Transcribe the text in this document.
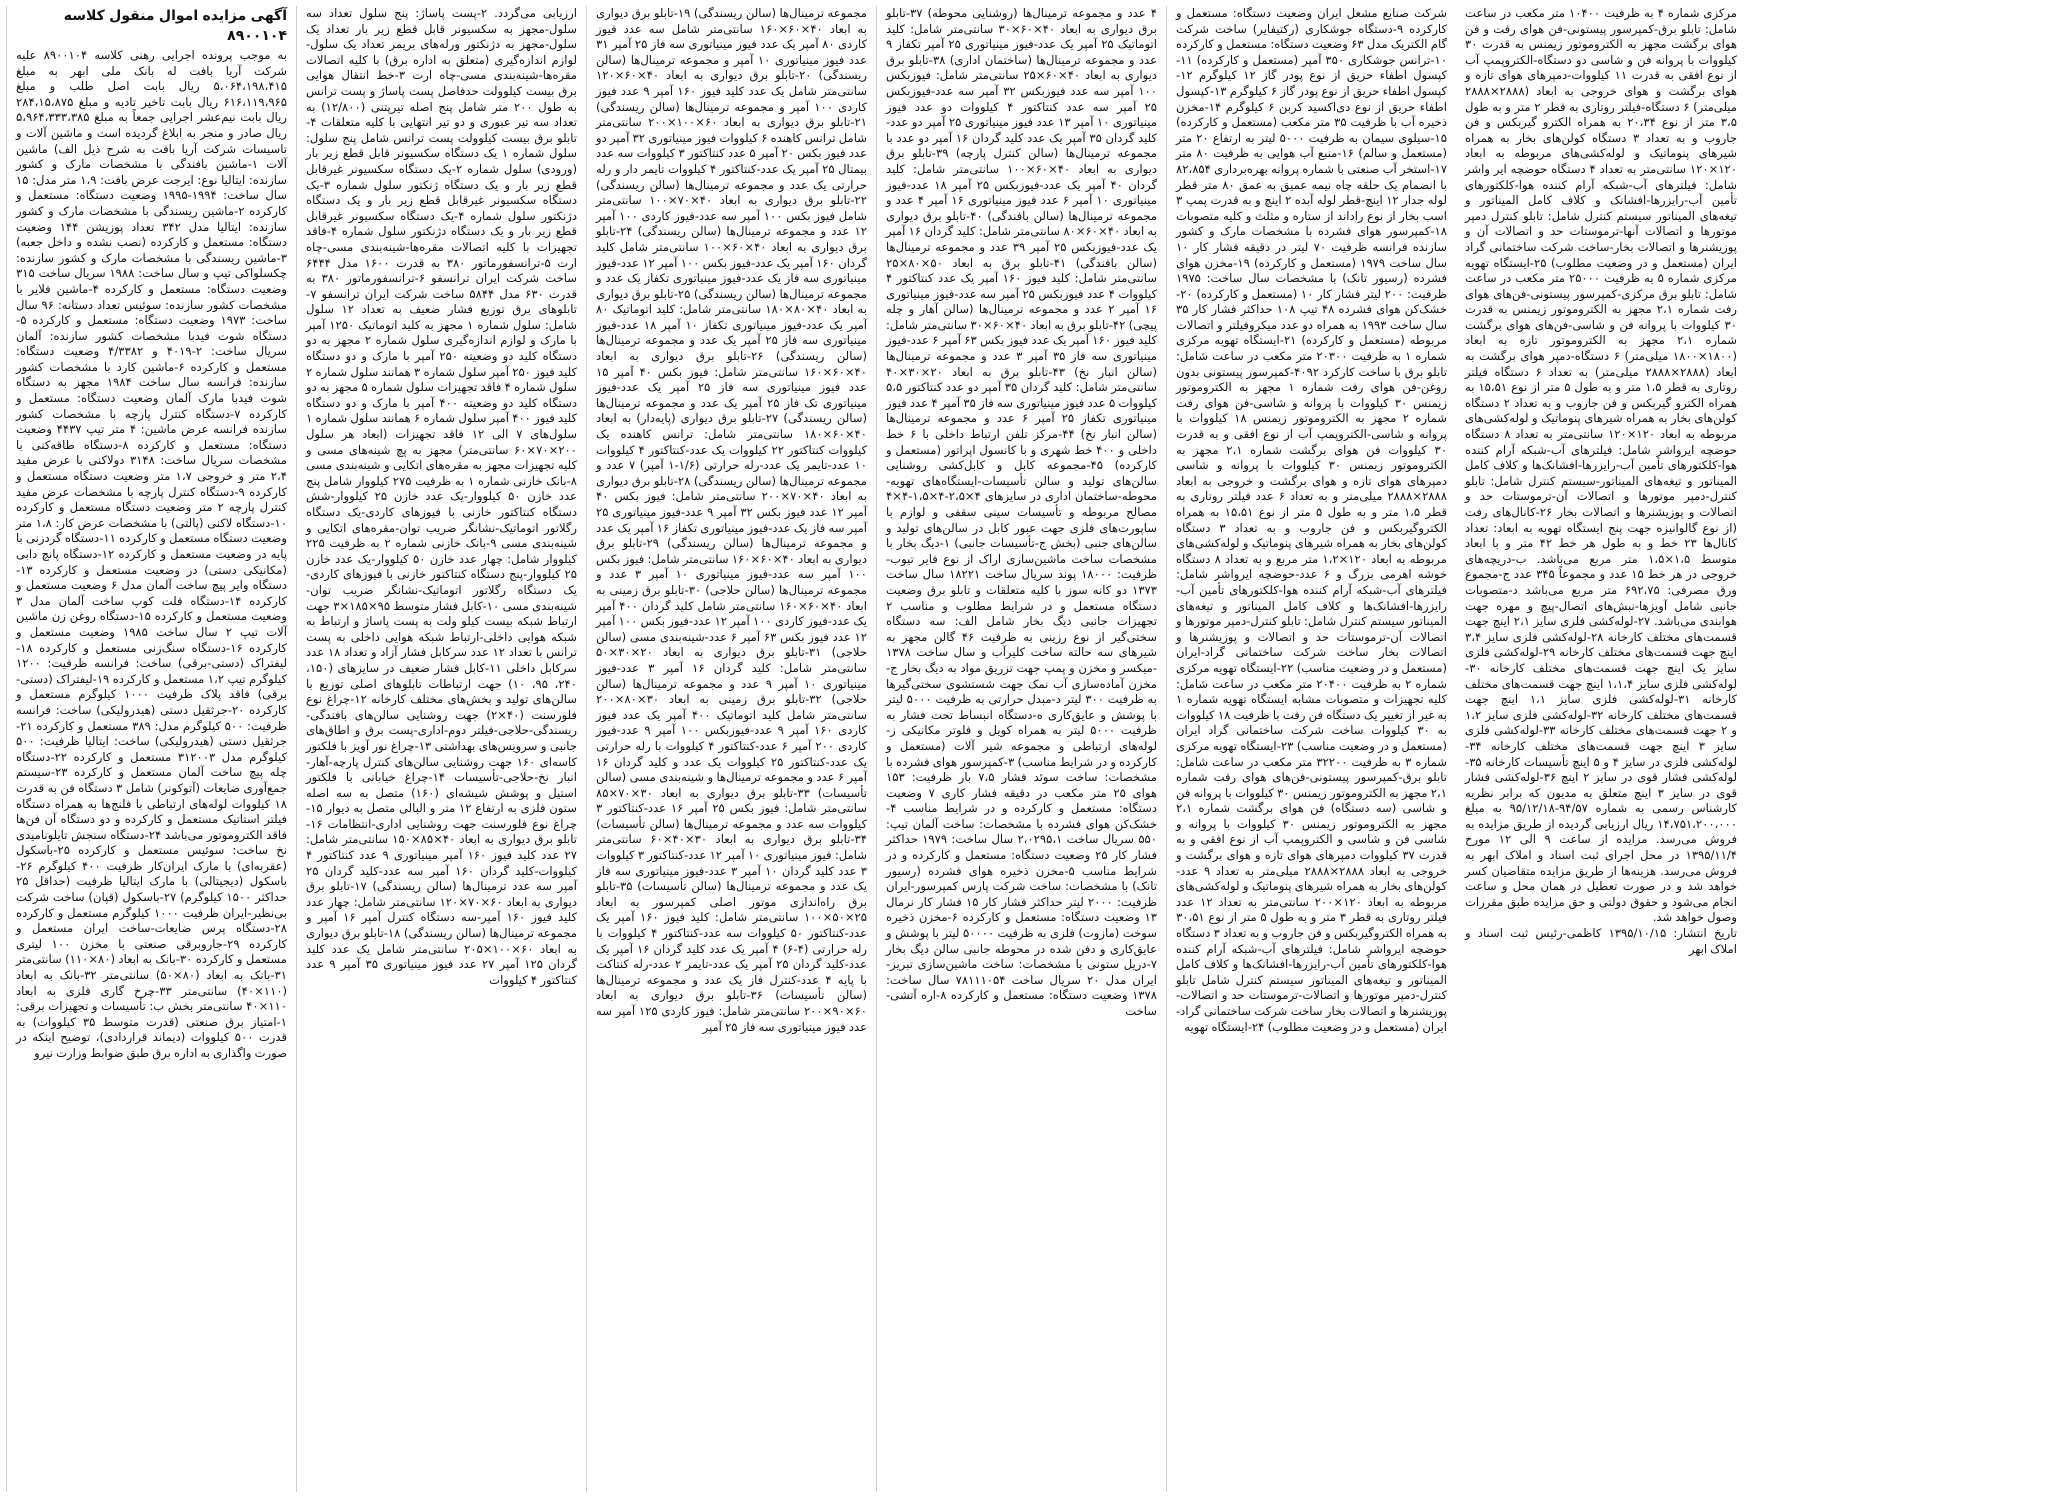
آگهی مزایده اموال منقول کلاسه ۸۹۰۰۱۰۴

به موجب پرونده اجرایی رهنی کلاسه ۸۹۰۰۱۰۴ علیه شرکت آریا بافت له بانک ملی ابهر به مبلغ ۵،۰۶۴،۱۹۸،۴۱۵ ریال بابت اصل طلب و مبلغ ۶۱۶،۱۱۹،۹۶۵ ریال بابت تاخیر تادیه و مبلغ ۲۸۴،۱۵،۸۷۵ ریال بابت نیم‌عشر اجرایی جمعاً به مبلغ ۵،۹۶۴،۳۳۳،۳۸۵ ریال صادر و منجر به ابلاغ گردیده است و ماشین آلات و تاسیسات شرکت آریا بافت به شرح ذیل الف) ماشین آلات ۱-ماشین بافندگی با مشخصات مارک و کشور سازنده: ایتالیا نوع: ایرجت عرض بافت: ۱،۹ متر مدل: ۱۵ سال ساخت: ۱۹۹۴-۱۹۹۵ وضعیت دستگاه: مستعمل و کارکرده ۲-ماشین ریسندگی با مشخصات مارک و کشور سازنده: ایتالیا مدل ۳۴۲ تعداد پوزیشن ۱۴۴ وضعیت دستگاه: مستعمل و کارکرده (نصب نشده و داخل جعبه) ۳-ماشین ریسندگی با مشخصات مارک و کشور سازنده: چکسلواکی تیپ و سال ساخت: ۱۹۸۸ سریال ساخت ۳۱۵ وضعیت دستگاه: مستعمل و کارکرده ۴-ماشین فلایر با مشخصات کشور سازنده: سوئیس تعداد دستانه: ۹۶ سال ساخت: ۱۹۷۳ وضعیت دستگاه: مستعمل و کارکرده ۵-دستگاه شوت فیدبا مشخصات کشور سازنده: آلمان سریال ساخت: ۲-۴۰۱۹ و ۴/۳۳۸۲ وضعیت دستگاه: مستعمل و کارکرده ۶-ماشین کارد با مشخصات کشور سازنده: فرانسه سال ساخت ۱۹۸۴ مجهز به دستگاه شوت فیدبا مارک آلمان وضعیت دستگاه: مستعمل و کارکرده ۷-دستگاه کنترل پارچه با مشخصات کشور سازنده فرانسه عرض ماشین: ۴ متر تیپ ۴۴۳۷ وضعیت دستگاه: مستعمل و کارکرده ۸-دستگاه طاقه‌کنی با مشخصات سریال ساخت: ۳۱۴۸ دولاکنی با عرض مفید ۲،۴ متر و خروجی ۱،۷ متر وضعیت دستگاه مستعمل و کارکرده ۹-دستگاه کنترل پارچه با مشخصات عرض مفید کنترل پارچه ۲ متر وضعیت دستگاه مستعمل و کارکرده ۱۰-دستگاه لاکنی (پالتی) با مشخصات عرض کار: ۱،۸ متر وضعیت دستگاه مستعمل و کارکرده ۱۱-دستگاه گردزنی با پایه در وضعیت مستعمل و کارکرده ۱۲-دستگاه پانچ دابی (مکانیکی دستی) در وضعیت مستعمل و کارکرده ۱۳-دستگاه وایر پیچ ساخت آلمان مدل ۶ وضعیت مستعمل و کارکرده ۱۴-دستگاه فلت کوپ ساخت آلمان مدل ۳ وضعیت مستعمل و کارکرده ۱۵-دستگاه روغن زن ماشین آلات تیپ ۲ سال ساخت ۱۹۸۵ وضعیت مستعمل و کارکرده ۱۶-دستگاه سنگ‌زنی مستعمل و کارکرده ۱۸-لیفتراک (دستی-برقی) ساخت: فرانسه ظرفیت: ۱۲۰۰ کیلوگرم تیپ ۱،۲ مستعمل و کارکرده ۱۹-لیفتراک (دستی-برقی) فاقد پلاک ظرفیت ۱۰۰۰ کیلوگرم مستعمل و کارکرده ۲۰-جرثقیل دستی (هیدرولیکی) ساخت: فرانسه ظرفیت: ۵۰۰ کیلوگرم مدل: ۳۸۹ مستعمل و کارکرده ۲۱-جرثقیل دستی (هیدرولیکی) ساخت: ایتالیا ظرفیت: ۵۰۰ کیلوگرم مدل ۳۱۲۰۰۳ مستعمل و کارکرده ۲۲-دستگاه چله پیچ ساخت آلمان مستعمل و کارکرده ۲۳-سیستم جمع‌آوری ضایعات (آتوکونر) شامل ۳ دستگاه فن به قدرت ۱۸ کیلووات لوله‌های ارتباطی با فلنج‌ها به همراه دستگاه فیلتر استاتیک مستعمل و کارکرده و دو دستگاه آن فن‌ها فاقد الکتروموتور می‌باشد ۲۴-دستگاه سنجش تایلونامیدی نخ ساخت: سوئیس مستعمل و کارکرده ۲۵-باسکول (عقربه‌ای) با مارک ایران‌کار ظرفیت ۴۰۰ کیلوگرم ۲۶-باسکول (دیجیتالی) با مارک ایتالیا ظرفیت (حداقل ۲۵ حداکثر ۱۵۰۰ کیلوگرم) ۲۷-باسکول (قپان) ساخت شرکت بی‌نظیر-ایران ظرفیت ۱۰۰۰ کیلوگرم مستعمل و کارکرده ۲۸-دستگاه پرس ضایعات-ساخت ایران مستعمل و کارکرده ۲۹-جاروبرقی صنعتی با مخزن ۱۰۰ لیتری مستعمل و کارکرده ۳۰-بانک به ابعاد (۸۰×۱۱۰) سانتی‌متر ۳۱-بانک به ابعاد (۸۰×۵۰) سانتی‌متر ۳۲-بانک به ابعاد (۱۱۰×۴۰) سانتی‌متر ۳۳-چرخ گاری فلزی به ابعاد ۱۱۰×۴۰ سانتی‌متر بخش ب: تأسیسات و تجهیزات برقی: ۱-امتیاز برق صنعتی (قدرت متوسط ۳۵ کیلووات) به قدرت ۵۰۰ کیلووات (دیماند قراردادی)، توضیح اینکه در صورت واگذاری به اداره برق طبق ضوابط وزارت نیرو

ارزیابی می‌گردد. ۲-پست پاساژ: پنج سلول تعداد سه سلول-مجهز به سکسیونر قابل قطع زیر بار تعداد یک سلول-مجهز به دژنکتور ورله‌های بریمر تعداد یک سلول-لوازم اندازه‌گیری (متعلق به اداره برق) با کلیه اتصالات مقره‌ها-شینه‌بندی مسی-چاه ارت ۳-خط انتقال هوایی برق بیست کیلوولت حدفاصل پست پاساژ و پست ترانس به طول ۲۰۰ متر شامل پنج اصله تیرپتنی (۱۲/۸۰۰) به تعداد سه تیر عبوری و دو تیر انتهایی با کلیه متعلقات ۴-تابلو برق بیست کیلوولت پست ترانس شامل پنج سلول: سلول شماره ۱ یک دستگاه سکسیونر قابل قطع زیر بار (ورودی) سلول شماره ۲-یک دستگاه سکسیونر غیرقابل قطع زیر بار و یک دستگاه ژنکتور سلول شماره ۳-یک دستگاه سکسیونر غیرقابل قطع زیر بار و یک دستگاه دژنکتور سلول شماره ۴-یک دستگاه سکسیونر غیرقابل قطع زیر بار و یک دستگاه دژنکتور سلول شماره ۴-فاقد تجهیزات با کلیه اتصالات مقره‌ها-شینه‌بندی مسی-چاه ارت ۵-ترانسفورماتور ۳۸۰ به قدرت ۱۶۰۰ مدل ۶۴۴۴ ساخت شرکت ایران ترانسفو ۶-ترانسفورماتور ۳۸۰ به قدرت ۶۳۰ مدل ۵۸۴۴ ساخت شرکت ایران ترانسفو ۷-تابلوهای برق توزیع فشار ضعیف به تعداد ۱۲ سلول شامل: سلول شماره ۱ مجهز به کلید اتوماتیک ۱۲۵۰ آمپر با مارک و لوازم اندازه‌گیری سلول شماره ۲ مجهز به دو دستگاه کلید دو وضعیته ۲۵۰ آمپر با مارک و دو دستگاه کلید فیوز ۲۵۰ آمپر سلول شماره ۳ همانند سلول شماره ۲ سلول شماره ۴ فاقد تجهیزات سلول شماره ۵ مجهز به دو دستگاه کلید دو وضعیته ۴۰۰ آمپر با مارک و دو دستگاه کلید فیوز ۴۰۰ آمپر سلول شماره ۶ همانند سلول شماره ۱ سلول‌های ۷ الی ۱۲ فاقد تجهیزات (ابعاد هر سلول ۲۰۰×۷۰×۶۰ سانتی‌متر) مجهز به پچ شینه‌های مسی و کلیه تجهیزات مجهز به مقره‌های اتکایی و شینه‌بندی مسی ۸-بانک خازنی شماره ۱ به ظرفیت ۲۷۵ کیلووار شامل پنج عدد خازن ۵۰ کیلووار-یک عدد خازن ۲۵ کیلووار-شش دستگاه کنتاکتور خازنی با فیوزهای کاردی-یک دستگاه رگلاتور اتوماتیک-نشانگر ضریب توان-مقره‌های اتکایی و شینه‌بندی مسی ۹-بانک خازنی شماره ۲ به ظرفیت ۲۲۵ کیلووار شامل: چهار عدد خازن ۵۰ کیلووار-یک عدد خازن ۲۵ کیلووار-پنج دستگاه کنتاکتور خازنی با فیوزهای کاردی-یک دستگاه رگلاتور اتوماتیک-نشانگر ضریب توان-شینه‌بندی مسی ۱۰-کابل فشار متوسط ۹۵×۱۸۵×۳ جهت ارتباط شبکه بیست کیلو ولت به پست پاساژ و ارتباط به شبکه هوایی داخلی-ارتباط شبکه هوایی داخلی به پست ترانس با تعداد ۱۲ عدد سرکابل فشار آزاد و تعداد ۱۸ عدد سرکابل داخلی ۱۱-کابل فشار ضعیف در سایزهای (۱۵۰، ۲۴۰، ۹۵، ۱۰) جهت ارتباطات تابلوهای اصلی توزیع با سالن‌های تولید و بخش‌های مختلف کارخانه ۱۲-چراغ نوع فلورسنت (۴۰×۲) جهت روشنایی سالن‌های بافندگی-ریسندگی-حلاجی-فیلتر دوم-اداری-پست برق و اطاق‌های جانبی و سرویس‌های بهداشتی ۱۳-چراغ نور آویز با فلکتور کاسه‌ای ۱۶۰ جهت روشنایی سالن‌های کنترل پارچه-آهار-انبار نخ-حلاجی-تأسیسات ۱۴-چراغ خیابانی با فلکتور استیل و پوشش شیشه‌ای (۱۶۰) متصل به سه اصله ستون فلزی به ارتفاع ۱۲ متر و البالی متصل به دیوار ۱۵-چراغ نوع فلورسنت جهت روشنایی اداری-انتظامات ۱۶-تابلو برق دیواری به ابعاد ۴۰×۸۵×۱۵۰ سانتی‌متر شامل: ۲۷ عدد کلید فیوز ۱۶۰ آمپر مینیاتوری ۹ عدد کنتاکتور ۴ کیلووات-کلید گردان ۱۶۰ آمپر سه عدد-کلید گردان ۲۵ آمپر سه عدد ترمینال‌ها (سالن ریسندگی) ۱۷-تابلو برق دیواری به ابعاد ۶۰×۷۰×۱۲۰ سانتی‌متر شامل: چهار عدد کلید فیوز ۱۶۰ آمپر-سه دستگاه کنترل آمپر ۱۶ آمپر و مجموعه ترمینال‌ها (سالن ریسندگی) ۱۸-تابلو برق دیواری به ابعاد ۶۰×۱۰۰×۲۰۵ سانتی‌متر شامل یک عدد کلید گردان ۱۲۵ آمپر ۲۷ عدد فیوز مینیاتوری ۳۵ آمپر ۹ عدد کنتاکتور ۴ کیلووات

مجموعه ترمینال‌ها (سالن ریسندگی) ۱۹-تابلو برق دیواری به ابعاد ۴۰×۶۰×۱۶۰ سانتی‌متر شامل سه عدد فیوز کاردی ۸۰ آمپر یک عدد فیوز مینیاتوری سه فاز ۲۵ آمپر ۳۱ عدد فیوز مینیاتوری ۱۰ آمپر و مجموعه ترمینال‌ها (سالن ریسندگی) ۲۰-تابلو برق دیواری به ابعاد ۴۰×۶۰×۱۲۰ سانتی‌متر شامل یک عدد کلید فیوز ۱۶۰ آمپر ۹ عدد فیوز کاردی ۱۰۰ آمپر و مجموعه ترمینال‌ها (سالن ریسندگی) ۲۱-تابلو برق دیواری به ابعاد ۶۰×۱۰۰×۲۰۰ سانتی‌متر شامل ترانس کاهنده ۶ کیلووات فیوز مینیاتوری ۳۲ آمپر دو عدد فیوز بکس ۲۰ آمپر ۵ عدد کنتاکتور ۳ کیلووات سه عدد بیمتال ۲۵ آمپر یک عدد-کنتاکتور ۴ کیلووات تایمر دار و رله حرارتی یک عدد و مجموعه ترمینال‌ها (سالن ریسندگی) ۲۲-تابلو برق دیواری به ابعاد ۴۰×۷۰×۱۰۰ سانتی‌متر شامل فیوز بکس ۱۰۰ آمپر سه عدد-فیوز کاردی ۱۰۰ آمپر ۱۲ عدد و مجموعه ترمینال‌ها (سالن ریسندگی) ۲۴-تابلو برق دیواری به ابعاد ۴۰×۶۰×۱۰۰ سانتی‌متر شامل کلید گردان ۱۶۰ آمپر یک عدد-فیوز بکس ۱۰۰ آمپر ۱۲ عدد-فیوز مینیاتوری سه فاز یک عدد-فیوز مینیاتوری تکفاز یک عدد و مجموعه ترمینال‌ها (سالن ریسندگی) ۲۵-تابلو برق دیواری به ابعاد ۴۰×۸۰×۱۸۰ سانتی‌متر شامل: کلید اتوماتیک ۸۰ آمپر یک عدد-فیوز مینیاتوری تکفاز ۱۰ آمپر ۱۸ عدد-فیوز مینیاتوری سه فاز ۲۵ آمپر یک عدد و مجموعه ترمینال‌ها (سالن ریسندگی) ۲۶-تابلو برق دیواری به ابعاد ۴۰×۶۰×۱۶۰ سانتی‌متر شامل: فیوز بکس ۴۰ آمپر ۱۵ عدد فیوز مینیاتوری سه فاز ۲۵ آمپر یک عدد-فیوز مینیاتوری تک فاز ۲۵ آمپر یک عدد و مجموعه ترمینال‌ها (سالن ریسندگی) ۲۷-تابلو برق دیواری (پایه‌دار) به ابعاد ۴۰×۶۰×۱۸۰ سانتی‌متر شامل: ترانس کاهنده یک کیلووات کنتاکتور ۲۲ کیلووات یک عدد-کنتاکتور ۴ کیلووات ۱۰ عدد-تایمر یک عدد-رله حرارتی (۱/۶-۱ آمپر) ۷ عدد و مجموعه ترمینال‌ها (سالن ریسندگی) ۲۸-تابلو برق دیواری به ابعاد ۴۰×۷۰×۲۰۰ سانتی‌متر شامل: فیوز بکس ۴۰ آمپر ۱۲ عدد فیوز بکس ۳۲ آمپر ۹ عدد-فیوز مینیاتوری ۲۵ آمپر سه فاز یک عدد-فیوز مینیاتوری تکفاز ۱۶ آمپر یک عدد و مجموعه ترمینال‌ها (سالن ریسندگی) ۲۹-تابلو برق دیواری به ابعاد ۴۰×۶۰×۱۶۰ سانتی‌متر شامل: فیوز بکس ۱۰۰ آمپر سه عدد-فیوز مینیاتوری ۱۰ آمپر ۳ عدد و مجموعه ترمینال‌ها (سالن حلاجی) ۳۰-تابلو برق زمینی به ابعاد ۴۰×۶۰×۱۶۰ سانتی‌متر شامل کلید گردان ۴۰۰ آمپر یک عدد-فیوز کاردی ۱۰۰ آمپر ۱۲ عدد-فیوز بکس ۱۰۰ آمپر ۱۲ عدد فیوز بکس ۶۳ آمپر ۶ عدد-شینه‌بندی مسی (سالن حلاجی) ۳۱-تابلو برق دیواری به ابعاد ۲۰×۳۰×۵۰ سانتی‌متر شامل: کلید گردان ۱۶ آمپر ۳ عدد-فیوز مینیاتوری ۱۰ آمپر ۹ عدد و مجموعه ترمینال‌ها (سالن حلاجی) ۳۲-تابلو برق زمینی به ابعاد ۳۰×۸۰×۲۰۰ سانتی‌متر شامل کلید اتوماتیک ۴۰۰ آمپر یک عدد فیوز کاردی ۱۶۰ آمپر ۹ عدد-فیوزبکس ۱۰۰ آمپر ۹ عدد-فیوز کاردی ۲۰۰ آمپر ۶ عدد-کنتاکتور ۴ کیلووات با رله حرارتی یک عدد-کنتاکتور ۲۵ کیلووات یک عدد و کلید گردان ۱۶ آمپر ۶ عدد و مجموعه ترمینال‌ها و شینه‌بندی مسی (سالن تأسیسات) ۳۳-تابلو برق دیواری به ابعاد ۳۰×۷۰×۸۵ سانتی‌متر شامل: فیوز بکس ۲۵ آمپر ۱۶ عدد-کنتاکتور ۳ کیلووات سه عدد و مجموعه ترمینال‌ها (سالن تأسیسات) ۳۴-تابلو برق دیواری به ابعاد ۳۰×۴۰×۶۰ سانتی‌متر شامل: فیوز مینیاتوری ۱۰ آمپر ۱۲ عدد-کنتاکتور ۳ کیلووات ۳ عدد کلید گردان ۱۰ آمپر ۳ عدد-فیوز مینیاتوری سه فاز یک عدد و مجموعه ترمینال‌ها (سالن تأسیسات) ۳۵-تابلو برق راه‌اندازی موتور اصلی کمپرسور به ابعاد ۲۵×۵۰×۱۰۰ سانتی‌متر شامل: کلید فیوز ۱۶۰ آمپر یک عدد-کنتاکتور ۵۰ کیلووات سه عدد-کنتاکتور ۴ کیلووات با رله حرارتی (۴-۶) ۴ آمپر یک عدد کلید گردان ۱۶ آمپر یک عدد-کلید گردان ۲۵ آمپر یک عدد-تایمر ۲ عدد-رله کنتاکت با پایه ۴ عدد-کنترل فاز یک عدد و مجموعه ترمینال‌ها (سالن تأسیسات) ۳۶-تابلو برق دیواری به ابعاد ۶۰×۹۰×۲۰۰ سانتی‌متر شامل: فیوز کاردی ۱۲۵ آمپر سه عدد فیوز مینیاتوری سه فاز ۲۵ آمپر

۴ عدد و مجموعه ترمینال‌ها (روشنایی محوطه) ۳۷-تابلو برق دیواری به ابعاد ۴۰×۶۰×۳۰ سانتی‌متر شامل: کلید اتوماتیک ۲۵ آمپر یک عدد-فیوز مینیاتوری ۲۵ آمپر تکفاز ۹ عدد و مجموعه ترمینال‌ها (ساختمان اداری) ۳۸-تابلو برق دیواری به ابعاد ۴۰×۶۰×۲۵ سانتی‌متر شامل: فیوزبکس ۱۰۰ آمپر سه عدد فیوزبکس ۳۲ آمپر سه عدد-فیوزبکس ۲۵ آمپر سه عدد کنتاکتور ۴ کیلووات دو عدد فیوز مینیاتوری ۱۰ آمپر ۱۳ عدد فیوز مینیاتوری ۲۵ آمپر دو عدد-کلید گردان ۳۵ آمپر یک عدد کلید گردان ۱۶ آمپر دو عدد با مجموعه ترمینال‌ها (سالن کنترل پارچه) ۳۹-تابلو برق دیواری به ابعاد ۴۰×۶۰×۱۰۰ سانتی‌متر شامل: کلید گردان ۴۰ آمپر یک عدد-فیوزبکس ۲۵ آمپر ۱۸ عدد-فیوز مینیاتوری ۱۰ آمپر ۶ عدد فیوز مینیاتوری ۱۶ آمپر ۴ عدد و مجموعه ترمینال‌ها (سالن بافندگی) ۴۰-تابلو برق دیواری به ابعاد ۴۰×۶۰×۸۰ سانتی‌متر شامل: کلید گردان ۱۶ آمپر یک عدد-فیوزبکس ۲۵ آمپر ۳۹ عدد و مجموعه ترمینال‌ها (سالن بافندگی) ۴۱-تابلو برق به ابعاد ۵۰×۸۰×۲۵ سانتی‌متر شامل: کلید فیوز ۱۶۰ آمپر یک عدد کنتاکتور ۴ کیلووات ۴ عدد فیوزبکس ۲۵ آمپر سه عدد-فیوز مینیاتوری ۱۶ آمپر ۲ عدد و مجموعه ترمینال‌ها (سالن آهار و چله پیچی) ۴۲-تابلو برق به ابعاد ۴۰×۶۰×۳۰ سانتی‌متر شامل: کلید فیوز ۱۶۰ آمپر یک عدد فیوز بکس ۶۳ آمپر ۶ عدد-فیوز مینیاتوری سه فاز ۳۵ آمپر ۳ عدد و مجموعه ترمینال‌ها (سالن انبار نخ) ۴۳-تابلو برق به ابعاد ۲۰×۳۰×۴۰ سانتی‌متر شامل: کلید گردان ۳۵ آمپر دو عدد کنتاکتور ۵،۵ کیلووات ۵ عدد فیوز مینیاتوری سه فاز ۳۵ آمپر ۴ عدد فیوز مینیاتوری تکفاز ۲۵ آمپر ۶ عدد و مجموعه ترمینال‌ها (سالن انبار نخ) ۴۴-مرکز تلفن ارتباط داخلی با ۶ خط داخلی و ۴۰۰ خط شهری و با کانسول اپراتور (مستعمل و کارکرده) ۴۵-مجموعه کابل و کابل‌کشی روشنایی سالن‌های تولید و سالن تأسیسات-ایستگاه‌های تهویه-محوطه-ساختمان اداری در سایزهای ۴×۲،۵-۴×۱،۵-۴×۴ مصالح مربوطه و تأسیسات سینی سقفی و لوازم با ساپورت‌های فلزی جهت عبور کابل در سالن‌های تولید و سالن‌های جنبی (بخش ج-تأسیسات جانبی) ۱-دیگ بخار با مشخصات ساخت ماشین‌سازی اراک از نوع فایر تیوب-ظرفیت: ۱۸۰۰۰ پوند سریال ساخت ۱۸۲۲۱ سال ساخت ۱۳۷۳ دو کانه سوز با کلیه متعلقات و تابلو برق وضعیت دستگاه مستعمل و در شرایط مطلوب و مناسب ۲ تجهیزات جانبی دیگ بخار شامل الف: سه دستگاه سختی‌گیر از نوع رزینی به ظرفیت ۴۶ گالن مجهز به شیرهای سه حالته ساخت کلیرآب و سال ساخت ۱۳۷۸ -میکسر و مخزن و پمپ جهت تزریق مواد به دیگ بخار ج-مخزن آماده‌سازی آب نمک جهت شستشوی سختی‌گیرها به ظرفیت ۳۰۰ لیتر د-مبدل حرارتی به ظرفیت ۵۰۰۰ لیتر با پوشش و عایق‌کاری ه-دستگاه انبساط تحت فشار به ظرفیت ۵۰۰۰ لیتر به همراه کویل و فلوتر مکانیکی ز-لوله‌های ارتباطی و مجموعه شیر آلات (مستعمل و کارکرده و در شرایط مناسب) ۳-کمپرسور هوای فشرده با مشخصات: ساخت سوئد فشار ۷،۵ بار ظرفیت: ۱۵۳ هوای ۲۵ متر مکعب در دقیقه فشار کاری ۷ وضعیت دستگاه: مستعمل و کارکرده و در شرایط مناسب ۴-خشک‌کن هوای فشرده با مشخصات: ساخت آلمان تیپ: ۵۵۰ سریال ساخت ۲،۰۲۹۵،۱ سال ساخت: ۱۹۷۹ حداکثر فشار کار ۲۵ وضعیت دستگاه: مستعمل و کارکرده و در شرایط مناسب ۵-مخزن ذخیره هوای فشرده (رسیور تانک) با مشخصات: ساخت شرکت پارس کمپرسور-ایران ظرفیت: ۲۰۰۰ لیتر حداکثر فشار کار ۱۵ فشار کار نرمال ۱۳ وضعیت دستگاه: مستعمل و کارکرده ۶-مخزن ذخیره سوخت (مازوت) فلزی به ظرفیت ۵۰۰۰۰ لیتر با پوشش و عایق‌کاری و دفن شده در محوطه جانبی سالن دیگ بخار ۷-دریل ستونی با مشخصات: ساخت ماشین‌سازی تبریز-ایران مدل ۲۰ سریال ساخت ۷۸۱۱۱۰۵۴ سال ساخت: ۱۳۷۸ وضعیت دستگاه: مستعمل و کارکرده ۸-اره آتشی-ساخت

شرکت صنایع مشعل ایران وضعیت دستگاه: مستعمل و کارکرده ۹-دستگاه جوشکاری (رکتیفایر) ساخت شرکت گام الکتریک مدل ۶۳ وضعیت دستگاه: مستعمل و کارکرده ۱۰-ترانس جوشکاری ۳۵۰ آمپر (مستعمل و کارکرده) ۱۱-کپسول اطفاء حریق از نوع پودر گاز ۱۲ کیلوگرم ۱۲-کپسول اطفاء حریق از نوع پودر گاز ۶ کیلوگرم ۱۳-کپسول اطفاء حریق از نوع دی‌اکسید کربن ۶ کیلوگرم ۱۴-مخزن ذخیره آب با ظرفیت ۳۵ متر مکعب (مستعمل و کارکرده) ۱۵-سیلوی سیمان به ظرفیت ۵۰۰۰ لیتر به ارتفاع ۲۰ متر (مستعمل و سالم) ۱۶-منبع آب هوایی به ظرفیت ۸۰ متر ۱۷-استخر آب صنعتی با شماره پروانه بهره‌برداری ۸۲،۸۵۴ با انضمام یک حلقه چاه نیمه عمیق به عمق ۸۰ متر قطر لوله جدار ۱۲ اینچ-قطر لوله آبده ۲ اینچ و به قدرت پمپ ۳ اسب بخار از نوع راداند از ستاره و مثلث و کلیه متصوبات ۱۸-کمپرسور هوای فشرده با مشخصات مارک و کشور سازنده فرانسه ظرفیت ۷۰ لیتر در دقیقه فشار کار ۱۰ سال ساخت ۱۹۷۹ (مستعمل و کارکرده) ۱۹-مخزن هوای فشرده (رسیور تانک) با مشخصات سال ساخت: ۱۹۷۵ ظرفیت: ۲۰۰ لیتر فشار کار ۱۰ (مستعمل و کارکرده) ۲۰-خشک‌کن هوای فشرده ۴۸ تیپ ۱۰۸ حداکثر فشار کار ۳۵ سال ساخت ۱۹۹۳ به همراه دو عدد میکروفیلتر و اتصالات مربوطه (مستعمل و کارکرده) ۲۱-ایستگاه تهویه مرکزی شماره ۱ به ظرفیت ۲۰۳۰۰ متر مکعب در ساعت شامل: تابلو برق با ساخت کارکرد ۴۰۹۲-کمپرسور پیستونی بدون روغن-فن هوای رفت شماره ۱ مجهز به الکتروموتور زیمنس ۳۰ کیلووات با پروانه و شاسی-فن هوای رفت شماره ۲ مجهز به الکتروموتور زیمنس ۱۸ کیلووات با پروانه و شاسی-الکتروپمپ آب از نوع افقی و به قدرت ۳۰ کیلووات فن هوای برگشت شماره ۲،۱ مجهز به الکتروموتور زیمنس ۳۰ کیلووات با پروانه و شاسی دمپرهای هوای تازه و هوای برگشت و خروجی به ابعاد ۲۸۸۸×۲۸۸۸ میلی‌متر و به تعداد ۶ عدد فیلتر روتاری به قطر ۱،۵ متر و به طول ۵ متر از نوع ۱۵،۵۱ به همراه الکتروگیربکس و فن جاروب و به تعداد ۳ دستگاه کولن‌های بخار به همراه شیرهای پنوماتیک و لوله‌کشی‌های مربوطه به ابعاد ۱۲۰×۱،۲ متر مربع و به تعداد ۸ دستگاه خوشه اهرمی بزرگ و ۶ عدد-حوضچه ایرواشر شامل: فیلترهای آب-شبکه آرام کننده هوا-کلکتورهای تأمین آب-رایزرها-افشانک‌ها و کلاف کامل المیناتور و تیغه‌های المیناتور سیستم کنترل شامل: تابلو کنترل-دمپر موتورها و اتصالات آن-ترموستات حد و اتصالات و پوزیشنرها و اتصالات بخار ساخت شرکت ساختمانی گراد-ایران (مستعمل و در وضعیت مناسب) ۲۲-ایستگاه تهویه مرکزی شماره ۲ به ظرفیت ۲۰۴۰۰ متر مکعب در ساعت شامل: کلیه تجهیزات و متصوبات مشابه ایستگاه تهویه شماره ۱ به غیر از تغییر یک دستگاه فن رفت با ظرفیت ۱۸ کیلووات به ۳۰ کیلووات ساخت شرکت ساختمانی گراد ایران (مستعمل و در وضعیت مناسب) ۲۳-ایستگاه تهویه مرکزی شماره ۳ به ظرفیت ۳۲۲۰۰ متر مکعب در ساعت شامل: تابلو برق-کمپرسور پیستونی-فن‌های هوای رفت شماره ۲،۱ مجهز به الکتروموتور زیمنس ۳۰ کیلووات با پروانه فن و شاسی (سه دستگاه) فن هوای برگشت شماره ۲،۱ مجهز به الکتروموتور زیمنس ۳۰ کیلووات با پروانه و شاسی فن و شاسی و الکتروپمپ آب از نوع افقی و به قدرت ۳۷ کیلووات دمپرهای هوای تازه و هوای برگشت و خروجی به ابعاد ۲۸۸۸×۲۸۸۸ میلی‌متر به تعداد ۹ عدد-کولن‌های بخار به همراه شیرهای پنوماتیک و لوله‌کشی‌های مربوطه به ابعاد ۱۲۰×۲۰۰ سانتی‌متر به تعداد ۱۲ عدد فیلتر روتاری به قطر ۳ متر و به طول ۵ متر از نوع ۳۰،۵۱ به همراه الکتروگیربکس و فن جاروب و به تعداد ۳ دستگاه حوضچه ایرواشر شامل: فیلترهای آب-شبکه آرام کننده هوا-کلکتورهای تأمین آب-رایزرها-افشانک‌ها و کلاف کامل المیناتور و تیغه‌های المیناتور سیستم کنترل شامل تابلو کنترل-دمپر موتورها و اتصالات-ترموستات حد و اتصالات-پوزیشنرها و اتصالات بخار ساخت شرکت ساختمانی گراد-ایران (مستعمل و در وضعیت مطلوب) ۲۴-ایستگاه تهویه

مرکزی شماره ۴ به ظرفیت ۱۰۴۰۰ متر مکعب در ساعت شامل: تابلو برق-کمپرسور پیستونی-فن هوای رفت و فن هوای برگشت مجهز به الکتروموتور زیمنس به قدرت ۳۰ کیلووات با پروانه فن و شاسی دو دستگاه-الکتروپمپ آب از نوع افقی به قدرت ۱۱ کیلووات-دمپرهای هوای تازه و هوای برگشت و هوای خروجی به ابعاد (۲۸۸۸×۲۸۸۸ میلی‌متر) ۶ دستگاه-فیلتر روتاری به قطر ۲ متر و به طول ۳،۵ متر از نوع ۲۰،۳۴ به همراه الکترو گیربکس و فن جاروب و به تعداد ۳ دستگاه کولن‌های بخار به همراه شیرهای پنوماتیک و لوله‌کشی‌های مربوطه به ابعاد ۱۲۰×۱۲۰ سانتی‌متر به تعداد ۴ دستگاه حوضچه ایر واشر شامل: فیلترهای آب-شبکه آرام کننده هوا-کلکتورهای تأمین آب-رایزرها-افشانک و کلاف کامل المیناتور و تیغه‌های المیناتور سیستم کنترل شامل: تابلو کنترل دمپر موتورها و اتصالات آنها-ترموستات حد و اتصالات آن و پوزیشنرها و اتصالات بخار-ساخت شرکت ساختمانی گراد ایران (مستعمل و در وضعیت مطلوب) ۲۵-ایستگاه تهویه مرکزی شماره ۵ به ظرفیت ۲۵۰۰۰ متر مکعب در ساعت شامل: تابلو برق مرکزی-کمپرسور پیستونی-فن‌های هوای رفت شماره ۲،۱ مجهز به الکتروموتور زیمنس به قدرت ۳۰ کیلووات با پروانه فن و شاسی-فن‌های هوای برگشت شماره ۲،۱ مجهز به الکتروموتور تازه به ابعاد (۱۸۰۰×۱۸۰۰ میلی‌متر) ۶ دستگاه-دمپر هوای برگشت به ابعاد (۲۸۸۸×۲۸۸۸ میلی‌متر) به تعداد ۶ دستگاه فیلتر روتاری به قطر ۱،۵ متر و به طول ۵ متر از نوع ۱۵،۵۱ به همراه الکترو گیربکس و فن جاروب و به تعداد ۲ دستگاه کولن‌های بخار به همراه شیرهای پنوماتیک و لوله‌کشی‌های مربوطه به ابعاد ۱۲۰×۱۲۰ سانتی‌متر به تعداد ۸ دستگاه حوضچه ایرواشر شامل: فیلترهای آب-شبکه آرام کننده هوا-کلکتورهای تأمین آب-رایزرها-افشانک‌ها و کلاف کامل المیناتور و تیغه‌های المیناتور-سیستم کنترل شامل: تابلو کنترل-دمپر موتورها و اتصالات آن-ترموستات حد و اتصالات و پوزیشنرها و اتصالات بخار ۲۶-کانال‌های رفت (از نوع گالوانیزه جهت پنج ایستگاه تهویه به ابعاد: تعداد کانال‌ها ۲۳ خط و به طول هر خط ۴۲ متر و با ابعاد متوسط ۱،۵×۱،۵ متر مربع می‌باشد. ب-دریچه‌های خروجی در هر خط ۱۵ عدد و مجموعاً ۳۴۵ عدد ج-مجموع ورق مصرفی: ۶۹۲،۷۵ متر مربع می‌باشد د-متصوبات جانبی شامل آویزها-نبش‌های اتصال-پیچ و مهره جهت هوابندی می‌باشد. ۲۷-لوله‌کشی فلزی سایز ۲،۱ اینچ جهت قسمت‌های مختلف کارخانه ۲۸-لوله‌کشی فلزی سایز ۳،۴ اینچ جهت قسمت‌های مختلف کارخانه ۲۹-لوله‌کشی فلزی سایز یک اینچ جهت قسمت‌های مختلف کارخانه ۳۰-لوله‌کشی فلزی سایز ۱،۱،۴ اینچ جهت قسمت‌های مختلف کارخانه ۳۱-لوله‌کشی فلزی سایز ۱،۱ اینچ جهت قسمت‌های مختلف کارخانه ۳۲-لوله‌کشی فلزی سایز ۱،۲ و ۲ جهت قسمت‌های مختلف کارخانه ۳۳-لوله‌کشی فلزی سایز ۳ اینچ جهت قسمت‌های مختلف کارخانه ۳۴-لوله‌کشی فلزی در سایز ۴ و ۵ اینچ تأسیسات کارخانه ۳۵-لوله‌کشی فشار قوی در سایز ۲ اینچ ۳۶-لوله‌کشی فشار قوی در سایز ۳ اینچ متعلق به مدیون که برابر نظریه کارشناس رسمی به شماره ۹۴/۵۷-۹۵/۱۲/۱۸ به مبلغ ۱۴،۷۵۱،۲۰۰،۰۰۰ ریال ارزیابی گردیده از طریق مزایده به فروش می‌رسد. مزایده از ساعت ۹ الی ۱۲ مورخ ۱۳۹۵/۱۱/۴ در محل اجرای ثبت اسناد و املاک ابهر به فروش می‌رسد. هزینه‌ها از طریق مزایده متقاضیان کسر خواهد شد و در صورت تعطیل در همان محل و ساعت انجام می‌شود و حقوق دولتی و حق مزایده طبق مقررات وصول خواهد شد.
تاریخ انتشار: ۱۳۹۵/۱۰/۱۵ کاظمی-رئیس ثبت اسناد و املاک ابهر
